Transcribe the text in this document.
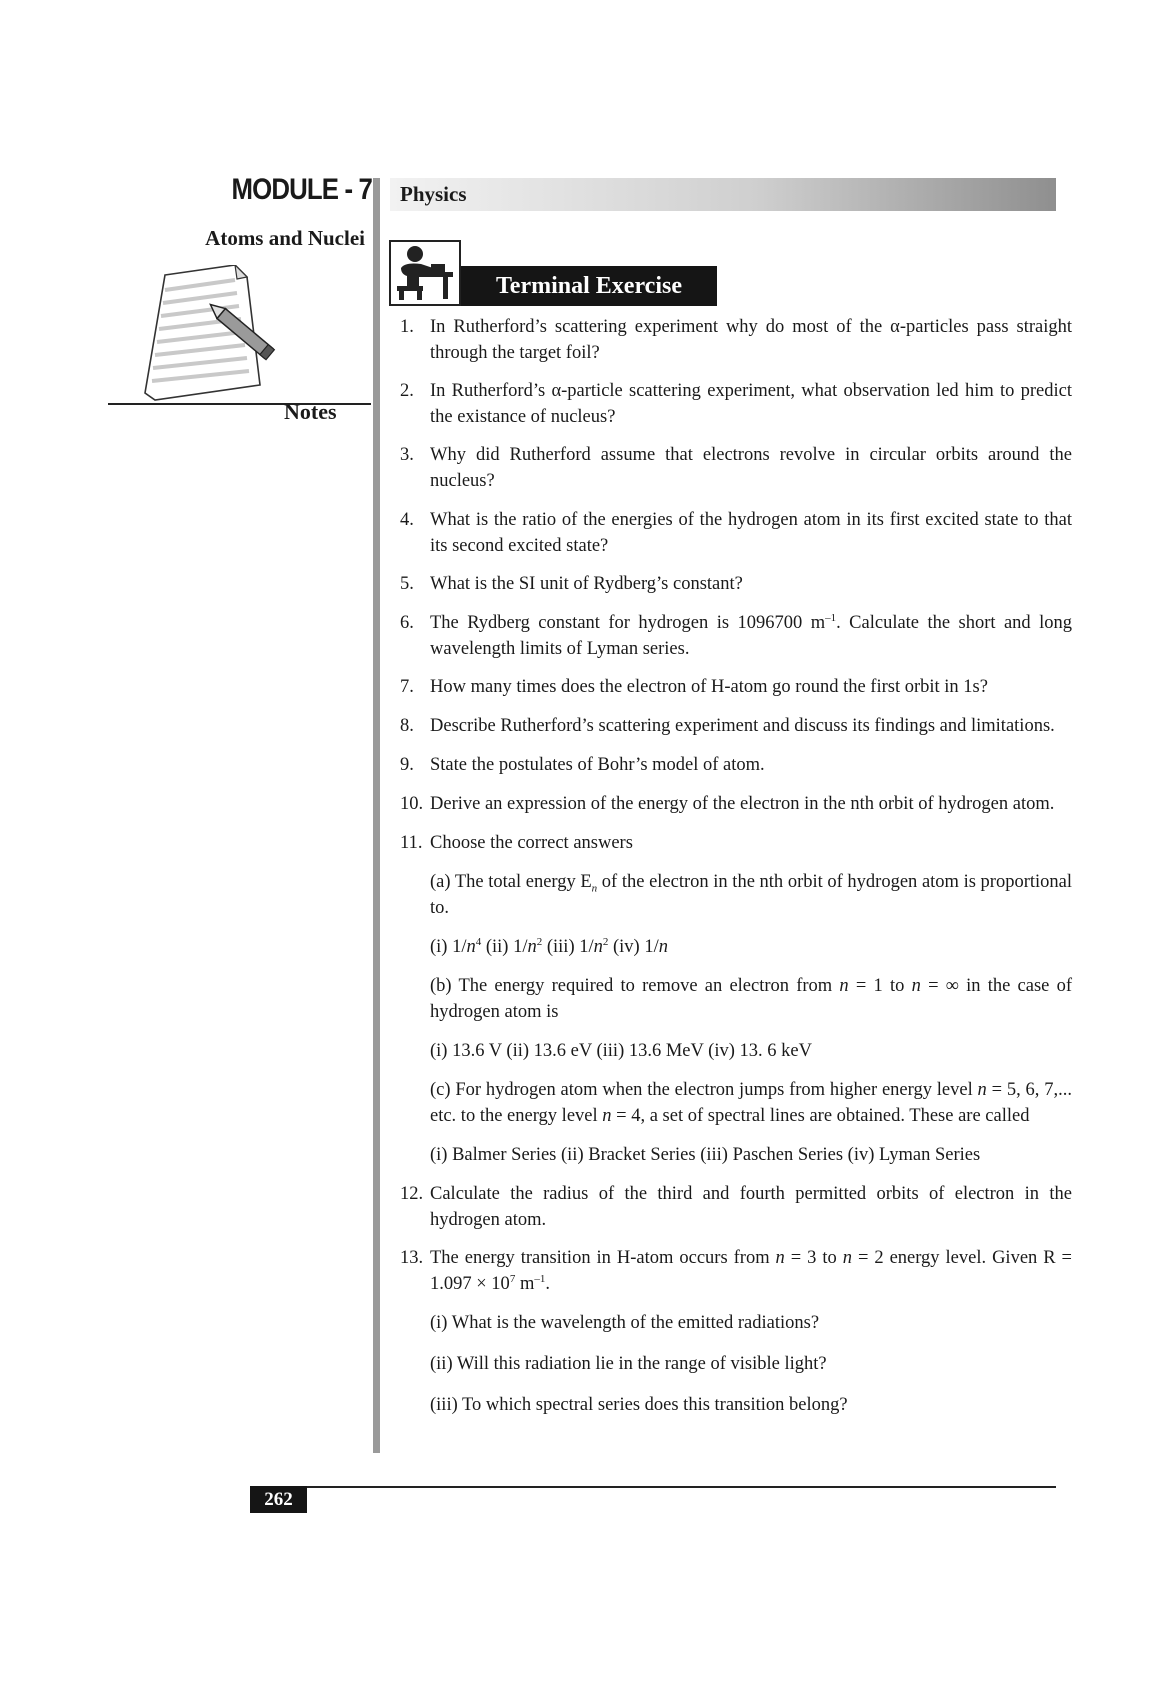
MODULE - 7
Atoms and Nuclei
Notes
Physics
Terminal Exercise
1. In Rutherford’s scattering experiment why do most of the α-particles pass straight through the target foil?
2. In Rutherford’s α-particle scattering experiment, what observation led him to predict the existance of nucleus?
3. Why did Rutherford assume that electrons revolve in circular orbits around the nucleus?
4. What is the ratio of the energies of the hydrogen atom in its first excited state to that its second excited state?
5. What is the SI unit of Rydberg’s constant?
6. The Rydberg constant for hydrogen is 1096700 $m^{-1}$. Calculate the short and long wavelength limits of Lyman series.
7. How many times does the electron of H-atom go round the first orbit in 1s?
8. Describe Rutherford’s scattering experiment and discuss its findings and limitations.
9. State the postulates of Bohr’s model of atom.
10. Derive an expression of the energy of the electron in the nth orbit of hydrogen atom.
11. Choose the correct answers

(a) The total energy $E_n$ of the electron in the nth orbit of hydrogen atom is proportional to.

(i) $1/n^4$ (ii) $1/n^2$ (iii) $1/n^2$ (iv) 1/n

(b) The energy required to remove an electron from n = 1 to n = ∞ in the case of hydrogen atom is

(i) 13.6 V (ii) 13.6 eV (iii) 13.6 MeV (iv) 13. 6 keV

(c) For hydrogen atom when the electron jumps from higher energy level n = 5, 6, 7,... etc. to the energy level n = 4, a set of spectral lines are obtained. These are called

(i) Balmer Series (ii) Bracket Series (iii) Paschen Series (iv) Lyman Series

12. Calculate the radius of the third and fourth permitted orbits of electron in the hydrogen atom.
13. The energy transition in H-atom occurs from n = 3 to n = 2 energy level. Given $R = 1.097 \times 10^7$ $m^{-1}$.

(i) What is the wavelength of the emitted radiations?

(ii) Will this radiation lie in the range of visible light?

(iii) To which spectral series does this transition belong?

262
